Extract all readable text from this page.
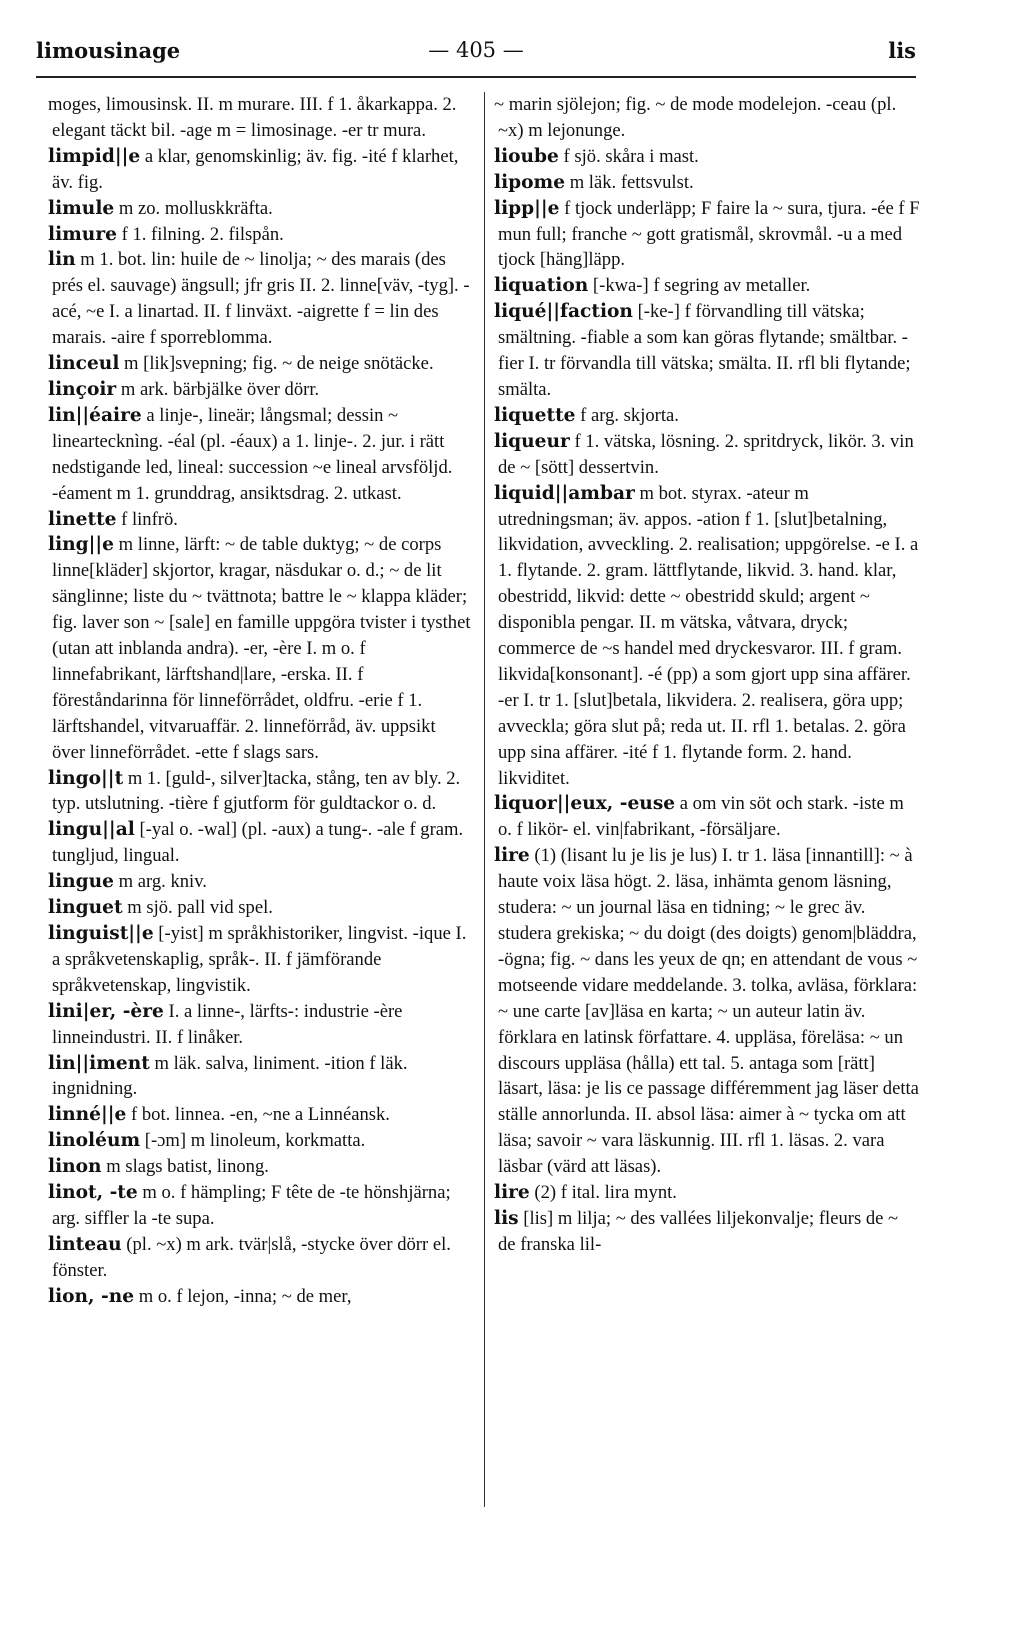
limousinage	— 405 —	lis

moges, limousinsk. II. m murare. III. f 1. åkarkappa. 2. elegant täckt bil. -age m = limosinage. -er tr mura.

limpid||e a klar, genomskinlig; äv. fig. -ité f klarhet, äv. fig.

limule m zo. molluskkräfta.

limure f 1. filning. 2. filspån.

lin m 1. bot. lin: huile de ~ linolja; ~ des marais (des prés el. sauvage) ängsull; jfr gris II. 2. linne[väv, -tyg]. -acé, ~e I. a linartad. II. f linväxt. -aigrette f = lin des marais. -aire f sporreblomma.

linceul m [lik]svepning; fig. ~ de neige snötäcke.

linçoir m ark. bärbjälke över dörr.

lin||éaire a linje-, lineär; långsmal; dessin ~ lineartecknìng. -éal (pl. -éaux) a 1. linje-. 2. jur. i rätt nedstigande led, lineal: succession ~e lineal arvsföljd. -éament m 1. grunddrag, ansiktsdrag. 2. utkast.

linette f linfrö.

ling||e m linne, lärft: ~ de table duktyg; ~ de corps linne[kläder] skjortor, kragar, näsdukar o. d.; ~ de lit sänglinne; liste du ~ tvättnota; battre le ~ klappa kläder; fig. laver son ~ [sale] en famille uppgöra tvister i tysthet (utan att inblanda andra). -er, -ère I. m o. f linnefabrikant, lärftshand|lare, -erska. II. f föreståndarinna för linneförrådet, oldfru. -erie f 1. lärftshandel, vitvaruaffär. 2. linneförråd, äv. uppsikt över linneförrådet. -ette f slags sars.

lingo||t m 1. [guld-, silver]tacka, stång, ten av bly. 2. typ. utslutning. -tière f gjutform för guldtackor o. d.

lingu||al [-yal o. -wal] (pl. -aux) a tung-. -ale f gram. tungljud, lingual.

lingue m arg. kniv.

linguet m sjö. pall vid spel.

linguist||e [-yist] m språkhistoriker, lingvist. -ique I. a språkvetenskaplig, språk-. II. f jämförande språkvetenskap, lingvistik.

lini|er, -ère I. a linne-, lärfts-: industrie -ère linneindustri. II. f linåker.

lin||iment m läk. salva, liniment. -ition f läk. ingnidning.

linné||e f bot. linnea. -en, ~ne a Linnéansk.

linoléum [-ɔm] m linoleum, korkmatta.

linon m slags batist, linong.

linot, -te m o. f hämpling; F tête de -te hönshjärna; arg. siffler la -te supa.

linteau (pl. ~x) m ark. tvär|slå, -stycke över dörr el. fönster.

lion, -ne m o. f lejon, -inna; ~ de mer,

~ marin sjölejon; fig. ~ de mode modelejon. -ceau (pl. ~x) m lejonunge.

lioube f sjö. skåra i mast.

lipome m läk. fettsvulst.

lipp||e f tjock underläpp; F faire la ~ sura, tjura. -ée f F mun full; franche ~ gott gratismål, skrovmål. -u a med tjock [häng]läpp.

liquation [-kwa-] f segring av metaller.

liqué||faction [-ke-] f förvandling till vätska; smältning. -fiable a som kan göras flytande; smältbar. -fier I. tr förvandla till vätska; smälta. II. rfl bli flytande; smälta.

liquette f arg. skjorta.

liqueur f 1. vätska, lösning. 2. spritdryck, likör. 3. vin de ~ [sött] dessertvin.

liquid||ambar m bot. styrax. -ateur m utredningsman; äv. appos. -ation f 1. [slut]betalning, likvidation, avveckling. 2. realisation; uppgörelse. -e I. a 1. flytande. 2. gram. lättflytande, likvid. 3. hand. klar, obestridd, likvid: dette ~ obestridd skuld; argent ~ disponibla pengar. II. m vätska, våtvara, dryck; commerce de ~s handel med dryckesvaror. III. f gram. likvida[konsonant]. -é (pp) a som gjort upp sina affärer. -er I. tr 1. [slut]betala, likvidera. 2. realisera, göra upp; avveckla; göra slut på; reda ut. II. rfl 1. betalas. 2. göra upp sina affärer. -ité f 1. flytande form. 2. hand. likviditet.

liquor||eux, -euse a om vin söt och stark. -iste m o. f likör- el. vin|fabrikant, -försäljare.

lire (1) (lisant lu je lis je lus) I. tr 1. läsa [innantill]: ~ à haute voix läsa högt. 2. läsa, inhämta genom läsning, studera: ~ un journal läsa en tidning; ~ le grec äv. studera grekiska; ~ du doigt (des doigts) genom|bläddra, -ögna; fig. ~ dans les yeux de qn; en attendant de vous ~ motseende vidare meddelande. 3. tolka, avläsa, förklara: ~ une carte [av]läsa en karta; ~ un auteur latin äv. förklara en latinsk författare. 4. uppläsa, föreläsa: ~ un discours uppläsa (hålla) ett tal. 5. antaga som [rätt] läsart, läsa: je lis ce passage différemment jag läser detta ställe annorlunda. II. absol läsa: aimer à ~ tycka om att läsa; savoir ~ vara läskunnig. III. rfl 1. läsas. 2. vara läsbar (värd att läsas).

lire (2) f ital. lira mynt.

lis [lis] m lilja; ~ des vallées liljekonvalje; fleurs de ~ de franska lil-
